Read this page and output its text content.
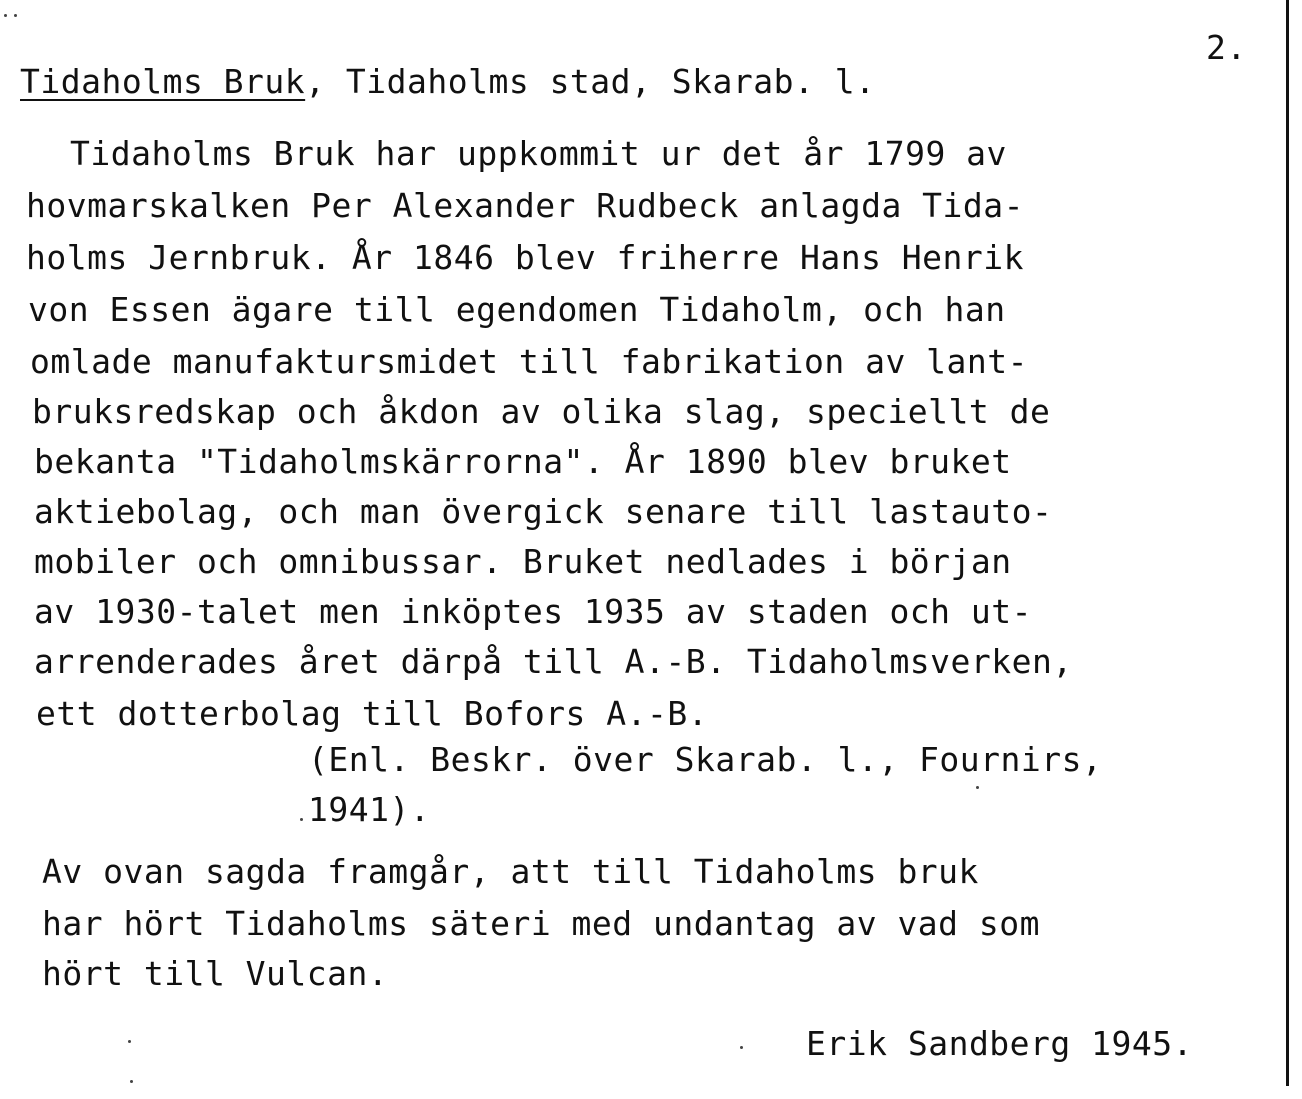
2.
Tidaholms Bruk, Tidaholms stad, Skarab. l.
Tidaholms Bruk har uppkommit ur det år 1799 av
hovmarskalken Per Alexander Rudbeck anlagda Tida-
holms Jernbruk. År 1846 blev friherre Hans Henrik
von Essen ägare till egendomen Tidaholm, och han
omlade manufaktursmidet till fabrikation av lant-
bruksredskap och åkdon av olika slag, speciellt de
bekanta "Tidaholmskärrorna". År 1890 blev bruket
aktiebolag, och man övergick senare till lastauto-
mobiler och omnibussar. Bruket nedlades i början
av 1930-talet men inköptes 1935 av staden och ut-
arrenderades året därpå till A.-B. Tidaholmsverken,
ett dotterbolag till Bofors A.-B.
(Enl. Beskr. över Skarab. l., Fournirs,
1941).
Av ovan sagda framgår, att till Tidaholms bruk
har hört Tidaholms säteri med undantag av vad som
hört till Vulcan.
Erik Sandberg 1945.
